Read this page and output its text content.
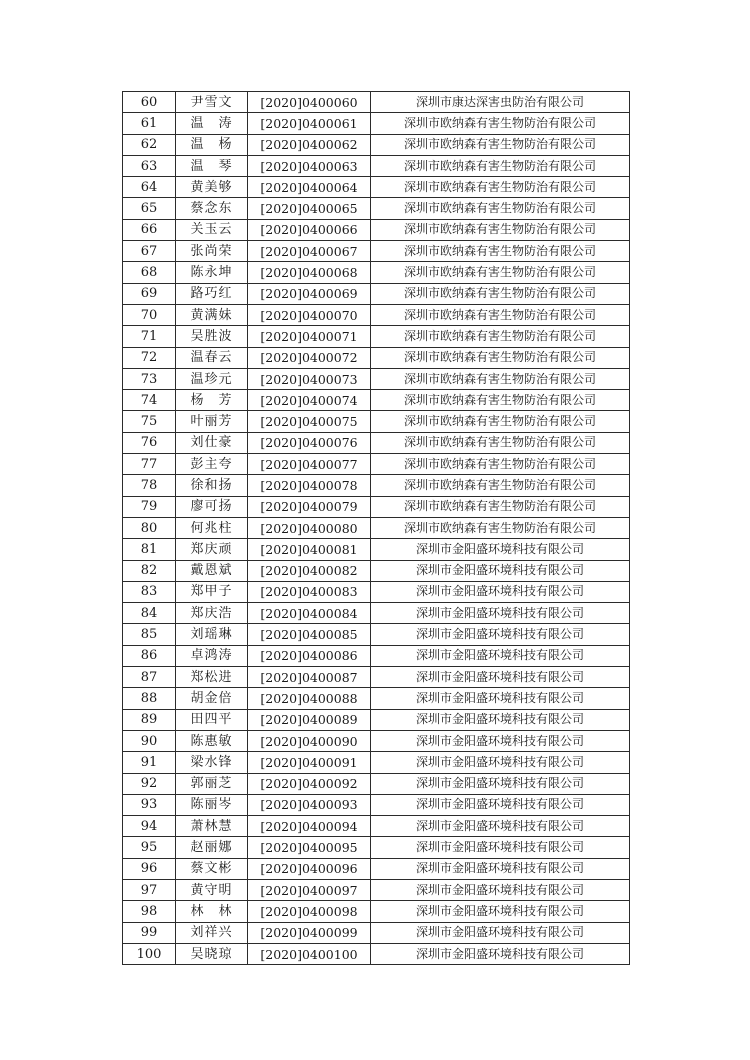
60	尹雪文	[2020]0400060	深圳市康达深害虫防治有限公司
61	温　涛	[2020]0400061	深圳市欧纳森有害生物防治有限公司
62	温　杨	[2020]0400062	深圳市欧纳森有害生物防治有限公司
63	温　琴	[2020]0400063	深圳市欧纳森有害生物防治有限公司
64	黄美够	[2020]0400064	深圳市欧纳森有害生物防治有限公司
65	蔡念东	[2020]0400065	深圳市欧纳森有害生物防治有限公司
66	关玉云	[2020]0400066	深圳市欧纳森有害生物防治有限公司
67	张尚荣	[2020]0400067	深圳市欧纳森有害生物防治有限公司
68	陈永坤	[2020]0400068	深圳市欧纳森有害生物防治有限公司
69	路巧红	[2020]0400069	深圳市欧纳森有害生物防治有限公司
70	黄满妹	[2020]0400070	深圳市欧纳森有害生物防治有限公司
71	吴胜波	[2020]0400071	深圳市欧纳森有害生物防治有限公司
72	温春云	[2020]0400072	深圳市欧纳森有害生物防治有限公司
73	温珍元	[2020]0400073	深圳市欧纳森有害生物防治有限公司
74	杨　芳	[2020]0400074	深圳市欧纳森有害生物防治有限公司
75	叶丽芳	[2020]0400075	深圳市欧纳森有害生物防治有限公司
76	刘仕豪	[2020]0400076	深圳市欧纳森有害生物防治有限公司
77	彭主夸	[2020]0400077	深圳市欧纳森有害生物防治有限公司
78	徐和扬	[2020]0400078	深圳市欧纳森有害生物防治有限公司
79	廖可扬	[2020]0400079	深圳市欧纳森有害生物防治有限公司
80	何兆柱	[2020]0400080	深圳市欧纳森有害生物防治有限公司
81	郑庆顽	[2020]0400081	深圳市金阳盛环境科技有限公司
82	戴恩斌	[2020]0400082	深圳市金阳盛环境科技有限公司
83	郑甲子	[2020]0400083	深圳市金阳盛环境科技有限公司
84	郑庆浩	[2020]0400084	深圳市金阳盛环境科技有限公司
85	刘瑶琳	[2020]0400085	深圳市金阳盛环境科技有限公司
86	卓鸿涛	[2020]0400086	深圳市金阳盛环境科技有限公司
87	郑松进	[2020]0400087	深圳市金阳盛环境科技有限公司
88	胡金倍	[2020]0400088	深圳市金阳盛环境科技有限公司
89	田四平	[2020]0400089	深圳市金阳盛环境科技有限公司
90	陈惠敏	[2020]0400090	深圳市金阳盛环境科技有限公司
91	梁水锋	[2020]0400091	深圳市金阳盛环境科技有限公司
92	郭丽芝	[2020]0400092	深圳市金阳盛环境科技有限公司
93	陈丽岑	[2020]0400093	深圳市金阳盛环境科技有限公司
94	萧林慧	[2020]0400094	深圳市金阳盛环境科技有限公司
95	赵丽娜	[2020]0400095	深圳市金阳盛环境科技有限公司
96	蔡文彬	[2020]0400096	深圳市金阳盛环境科技有限公司
97	黄守明	[2020]0400097	深圳市金阳盛环境科技有限公司
98	林　林	[2020]0400098	深圳市金阳盛环境科技有限公司
99	刘祥兴	[2020]0400099	深圳市金阳盛环境科技有限公司
100	吴晓琼	[2020]0400100	深圳市金阳盛环境科技有限公司
